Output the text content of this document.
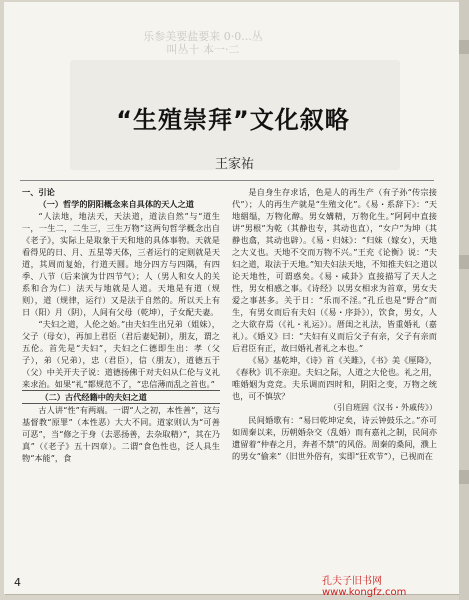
乐参美要盐要来 0·0...丛
叫丛十 本一·二
“生殖崇拜”文化叙略
王家祐

一、引论

（一）哲学的阴阳概念来自具体的天人之道

“人法地，地法天，天法道，道法自然”与“道生一，一生二，二生三，三生万物”这两句哲学概念出自《老子》，实际上是取象于天和地的具体事物。天就是看得见的日、月、五星等天体，三者运行的定则就是天道，其周而复始，行道天圆。地分四方与四隅，有四季、八节（后来演为廿四节气）；人（男人和女人的关系和合为仁）法天与地就是人道。天地是有道（规则），道（规律，运行）又是法于自然的。所以天上有日（阳）月（阴），人间有父母（乾坤），子女配夫妻。

“夫妇之道，人伦之始。”由夫妇生出兄弟（姐妹），父子（母女），再加上君臣（君后妻妃制），朋友，谓之五伦。首先是“夫妇”，夫妇之仁德即生出：孝（父子），弟（兄弟），忠（君臣），信（朋友），道德五于（父）中关开夫子说：道德扬佛于对夫妇从仁伦与义礼来求治。如果“礼”都规范不了，“忠信薄而乱之首也。”

（二）古代经籍中的夫妇之道

古人讲“性”有两端。一谓“人之初，本性善”，这与基督教“原罪”（本性恶）大大不同。道家则认为“可善可恶”，当“修之于身（去恶扬善，去杂取精）”，其在乃真”（《老子》五十四章）。二谓“食色性也，泛人具生物“本能”，食

是自身生存求话，色是人的再生产（有子孙“传宗接代”）；人的再生产就是“生殖文化”。《易・系辞下》：“天地絪缊，万物化醇。男女媾精，万物化生。”阿阿中直接讲“男根”为乾（其静也专，其动也直），“女户”为坤（其静也翕，其动也辟）。《易・归妹》：“归妹（嫁女），天地之大义也。天地不交而万物不兴。”王充《论衡》说：“夫妇之道，取法于天地。”知夫妇法天地，不知推夫妇之道以论天地性，可谓惑矣。《易・咸卦》直接描写了天人之性，男女相感之事。《诗经》以男女相求为首章，男女夫爱之事甚多。关于日：“乐而不淫。”孔丘也是“野合”而生，有男女而后有夫妇（《易・序卦》），饮食，男女，人之大欲存焉（《礼・礼运》）。厝闺之礼法，皆重婚礼（嘉礼）。《婚义》曰：“夫妇有义而后父子有亲，父子有亲而后君臣有正，故曰婚礼者礼之本也。”

《易》基乾坤，《诗》首《关雎》，《书》美《厘降》，《春秋》讥不亲迎。夫妇之际，人道之大伦也。礼之用，唯婚姻为竞竞。夫乐调而四时和，阴阳之变，万物之统也，可不慎欤？

（引自班固《汉书・外戚传》）

民间婚歌有：“易曰乾坤定矣，诗云钟鼓乐之。”亦可如周秦以来，历朝婚杂交（乱婚）而有嘉礼之制，民间亦遗留着“仲春之月，奔者不禁”的风俗。周秦的桑间，濮上的男女“偷来”（旧世外俗有，实即“狂欢节”），已视而在

4	孔夫子旧书网 www.kongfz.com
